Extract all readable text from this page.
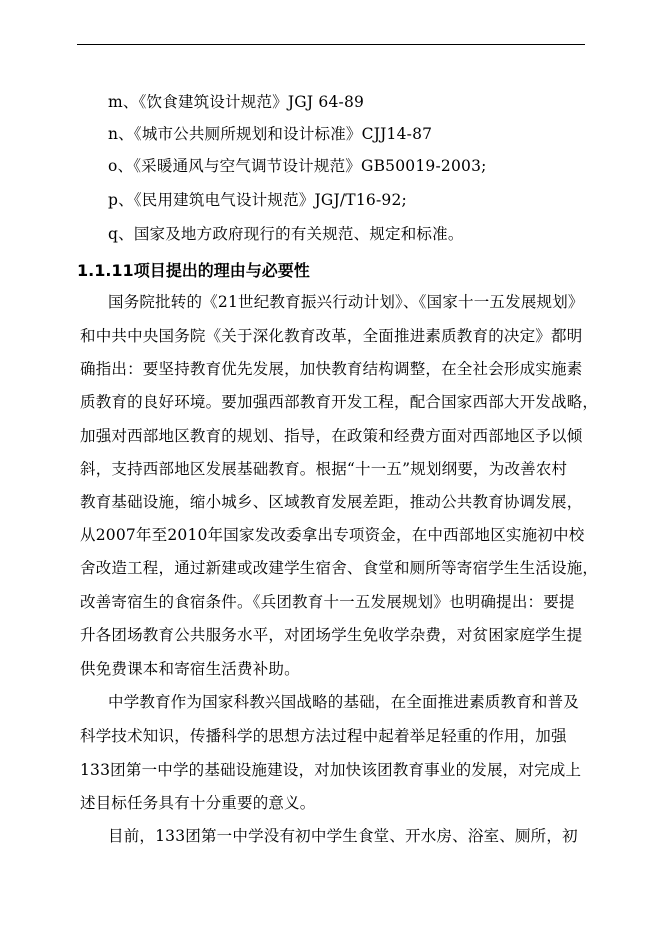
m、《饮食建筑设计规范》JGJ 64-89
n、《城市公共厕所规划和设计标准》CJJ14-87
o、《采暖通风与空气调节设计规范》GB50019-2003;
p、《民用建筑电气设计规范》JGJ/T16-92;
q、国家及地方政府现行的有关规范、规定和标准。
1.1.11项目提出的理由与必要性
国务院批转的《21世纪教育振兴行动计划》、《国家十一五发展规划》
和中共中央国务院《关于深化教育改革，全面推进素质教育的决定》都明
确指出：要坚持教育优先发展，加快教育结构调整，在全社会形成实施素
质教育的良好环境。要加强西部教育开发工程，配合国家西部大开发战略，
加强对西部地区教育的规划、指导，在政策和经费方面对西部地区予以倾
斜，支持西部地区发展基础教育。根据“十一五”规划纲要，为改善农村
教育基础设施，缩小城乡、区域教育发展差距，推动公共教育协调发展，
从2007年至2010年国家发改委拿出专项资金，在中西部地区实施初中校
舍改造工程，通过新建或改建学生宿舍、食堂和厕所等寄宿学生生活设施，
改善寄宿生的食宿条件。《兵团教育十一五发展规划》也明确提出：要提
升各团场教育公共服务水平，对团场学生免收学杂费，对贫困家庭学生提
供免费课本和寄宿生活费补助。
中学教育作为国家科教兴国战略的基础，在全面推进素质教育和普及
科学技术知识，传播科学的思想方法过程中起着举足轻重的作用，加强
133团第一中学的基础设施建设，对加快该团教育事业的发展，对完成上
述目标任务具有十分重要的意义。
目前，133团第一中学没有初中学生食堂、开水房、浴室、厕所，初
